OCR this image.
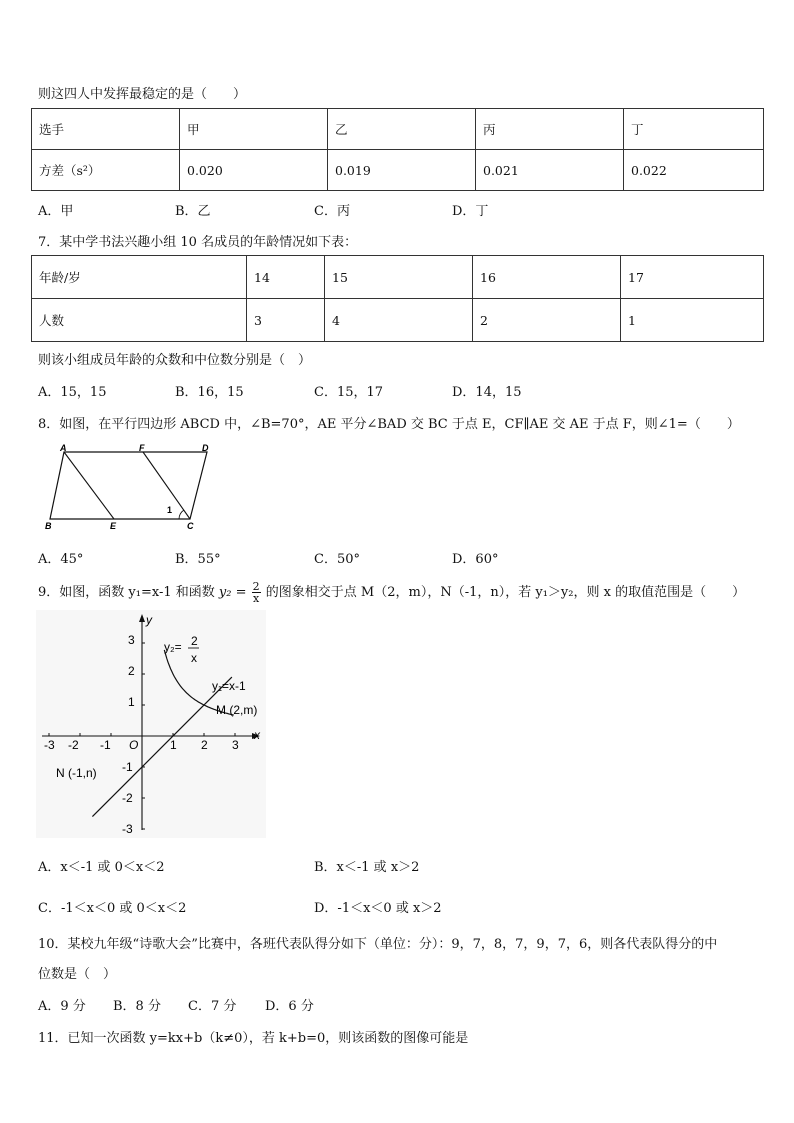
则这四人中发挥最稳定的是（　　）
选手	甲	乙	丙	丁
方差（s²）	0.020	0.019	0.021	0.022
A．甲	B．乙	C．丙	D．丁
7．某中学书法兴趣小组 10 名成员的年龄情况如下表：
年龄/岁	14	15	16	17
人数	3	4	2	1
则该小组成员年龄的众数和中位数分别是（　）
A．15，15	B．16，15	C．15，17	D．14，15
8．如图，在平行四边形 ABCD 中，∠B=70°，AE 平分∠BAD 交 BC 于点 E，CF∥AE 交 AE 于点 F，则∠1=（　　）
A	F	D
B	E	C
1
A．45°	B．55°	C．50°	D．60°
9．如图，函数 y₁=x-1 和函数 $y_2 = \frac{2}{x}$ 的图象相交于点 M（2，m），N（-1，n），若 y₁＞y₂，则 x 的取值范围是（　　）
-3 -2 -1	1 2 3
3
2
1
-1
-2
-3
O
x
y
y₂= 2
x
y₁=x-1
M (2,m)
N (-1,n)
A．x＜-1 或 0＜x＜2	B．x＜-1 或 x＞2
C．-1＜x＜0 或 0＜x＜2	D．-1＜x＜0 或 x＞2
10．某校九年级“诗歌大会”比赛中，各班代表队得分如下（单位：分）：9，7，8，7，9，7，6，则各代表队得分的中
位数是（　）
A．9 分 B．8 分 C．7 分 D．6 分
11．已知一次函数 y=kx+b（k≠0），若 k+b=0，则该函数的图像可能是
